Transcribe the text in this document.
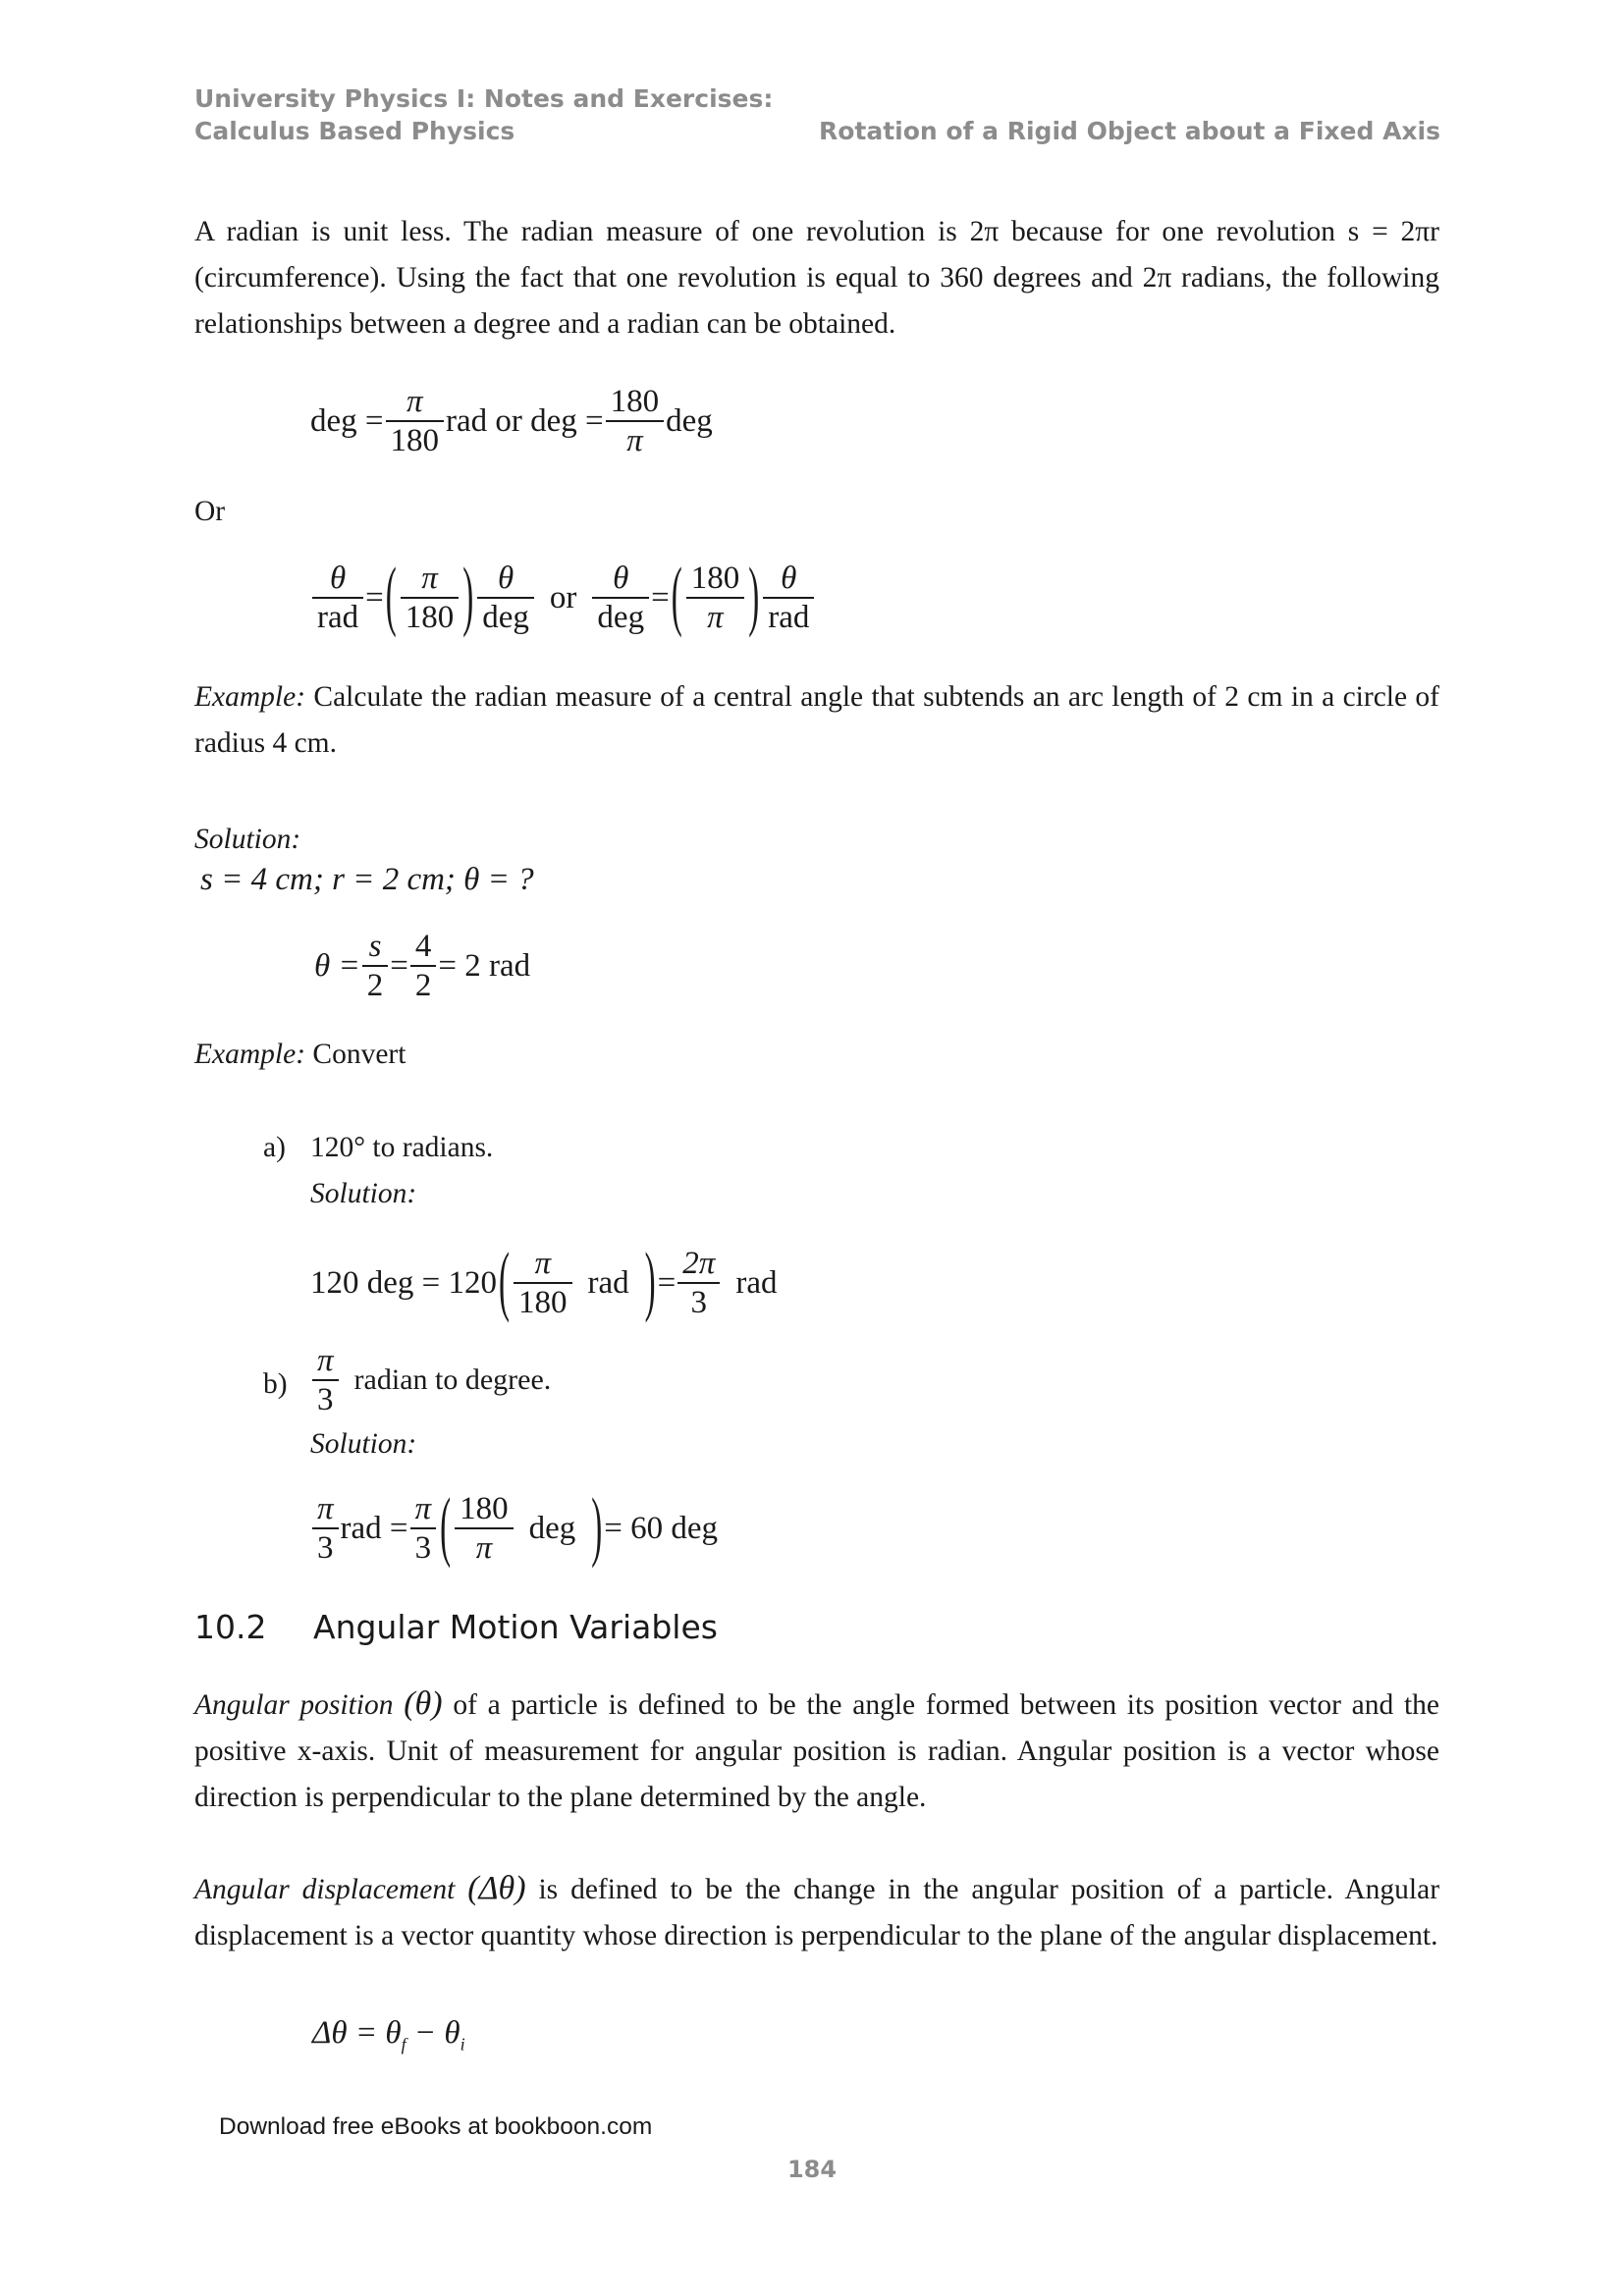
University Physics I: Notes and Exercises:
Calculus Based Physics	Rotation of a Rigid Object about a Fixed Axis
A radian is unit less. The radian measure of one revolution is 2π because for one revolution s = 2πr (circumference). Using the fact that one revolution is equal to 360 degrees and 2π radians, the following relationships between a degree and a radian can be obtained.
deg = $\frac{\pi}{180}$ rad or deg = $\frac{180}{\pi}$ deg
Or
$\frac{\theta}{\text{rad}}$ = ( $\frac{\pi}{180}$ ) $\frac{\theta}{\text{deg}}$ or $\frac{\theta}{\text{deg}}$ = ( $\frac{180}{\pi}$ ) $\frac{\theta}{\text{rad}}$
Example: Calculate the radian measure of a central angle that subtends an arc length of 2 cm in a circle of radius 4 cm.
Solution:
s = 4 cm; r = 2 cm; θ = ?
$\theta = \frac{s}{2} = \frac{4}{2} = 2$ rad
Example: Convert
a) 120° to radians.
Solution:
120 deg = 120 ( $\frac{\pi}{180}$ rad ) = $\frac{2\pi}{3}$ rad
$b) \frac{\pi}{3}$ radian to degree.
Solution:
$\frac{\pi}{3}$ rad = $\frac{\pi}{3}$ ( $\frac{180}{\pi}$ deg ) = 60 deg
10.2 Angular Motion Variables
Angular position (θ) of a particle is defined to be the angle formed between its position vector and the positive x-axis. Unit of measurement for angular position is radian. Angular position is a vector whose direction is perpendicular to the plane determined by the angle.
Angular displacement (Δθ) is defined to be the change in the angular position of a particle. Angular displacement is a vector quantity whose direction is perpendicular to the plane of the angular displacement.
$\Delta\theta = \theta_f - \theta_i$
Download free eBooks at bookboon.com
184
